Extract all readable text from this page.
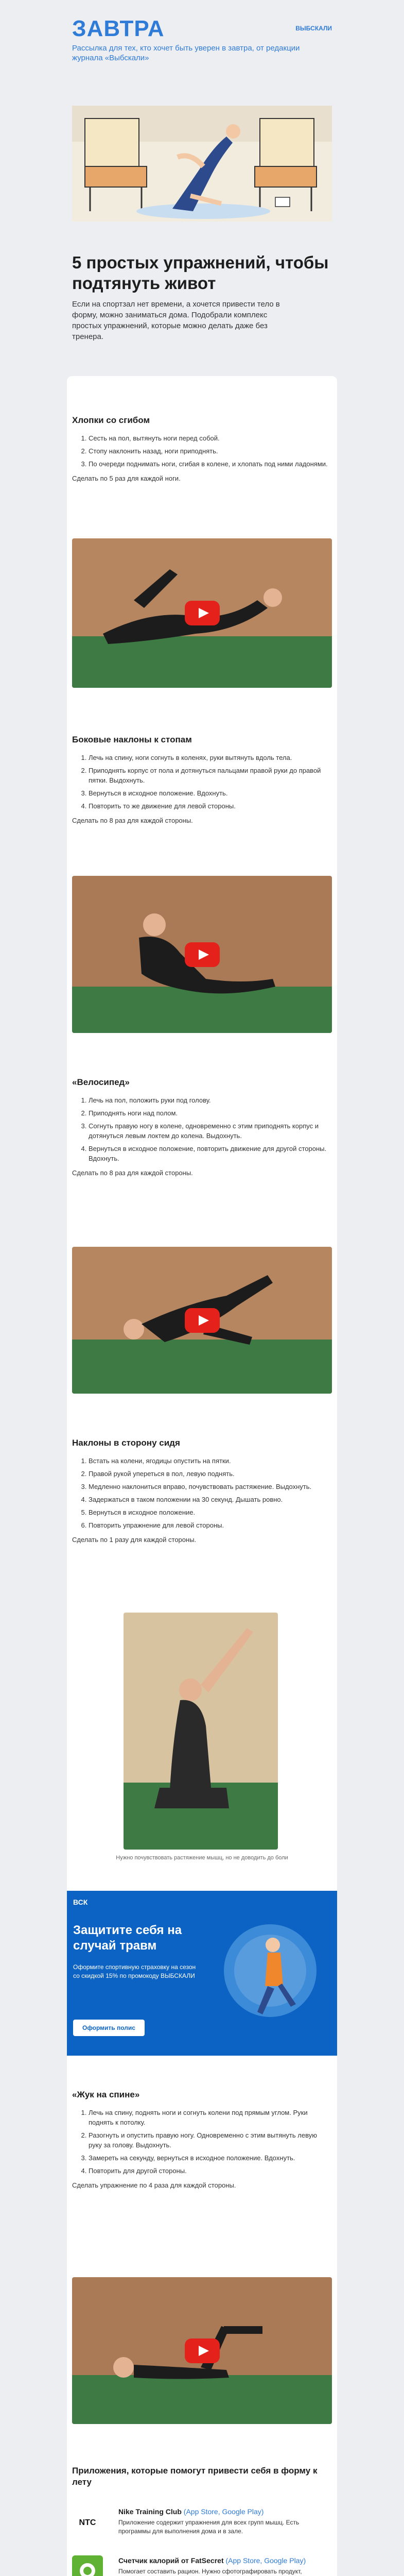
ЗАВТРА
Рассылка для тех, кто хочет быть уверен в завтра, от редакции журнала «Выбскали»
ВЫБСКАЛИ
5 простых упражнений, чтобы подтянуть живот
Если на спортзал нет времени, а хочется привести тело в форму, можно заниматься дома. Подобрали комплекс простых упражнений, которые можно делать даже без тренера.
Хлопки со сгибом
1. Сесть на пол, вытянуть ноги перед собой.
2. Стопу наклонить назад, ноги приподнять.
3. По очереди поднимать ноги, сгибая в колене, и хлопать под ними ладонями.
Сделать по 5 раз для каждой ноги.
Боковые наклоны к стопам
1. Лечь на спину, ноги согнуть в коленях, руки вытянуть вдоль тела.
2. Приподнять корпус от пола и дотянуться пальцами правой руки до правой пятки. Выдохнуть.
3. Вернуться в исходное положение. Вдохнуть.
4. Повторить то же движение для левой стороны.
Сделать по 8 раз для каждой стороны.
«Велосипед»
1. Лечь на пол, положить руки под голову.
2. Приподнять ноги над полом.
3. Согнуть правую ногу в колене, одновременно с этим приподнять корпус и дотянуться левым локтем до колена. Выдохнуть.
4. Вернуться в исходное положение, повторить движение для другой стороны. Вдохнуть.
Сделать по 8 раз для каждой стороны.
Наклоны в сторону сидя
1. Встать на колени, ягодицы опустить на пятки.
2. Правой рукой упереться в пол, левую поднять.
3. Медленно наклониться вправо, почувствовать растяжение. Выдохнуть.
4. Задержаться в таком положении на 30 секунд. Дышать ровно.
5. Вернуться в исходное положение.
6. Повторить упражнение для левой стороны.
Сделать по 1 разу для каждой стороны.
Нужно почувствовать растяжение мышц, но не доводить до боли
ВСК
Защитите себя на случай травм
Оформите спортивную страховку на сезон со скидкой 15% по промокоду ВЫБСКАЛИ
Оформить полис
«Жук на спине»
1. Лечь на спину, поднять ноги и согнуть колени под прямым углом. Руки поднять к потолку.
2. Разогнуть и опустить правую ногу. Одновременно с этим вытянуть левую руку за голову. Выдохнуть.
3. Замереть на секунду, вернуться в исходное положение. Вдохнуть.
4. Повторить для другой стороны.
Сделать упражнение по 4 раза для каждой стороны.
Приложения, которые помогут привести себя в форму к лету
NTC
Nike Training Club (App Store, Google Play)
Приложение содержит упражнения для всех групп мышц. Есть программы для выполнения дома и в зале.
Счетчик калорий от FatSecret (App Store, Google Play)
Помогает составить рацион. Нужно сфотографировать продукт,
